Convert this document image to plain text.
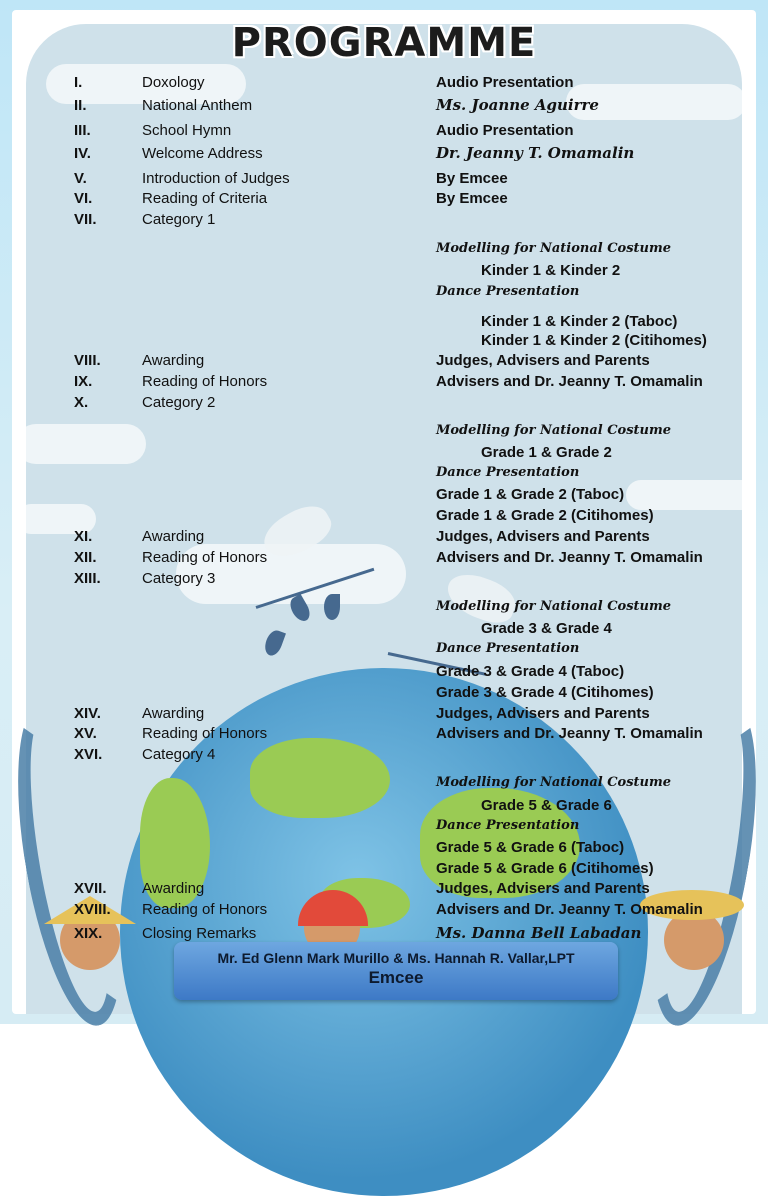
PROGRAMME
I.	Doxology	Audio Presentation
II.	National Anthem	Ms. Joanne Aguirre
III.	School Hymn	Audio Presentation
IV.	Welcome Address	Dr. Jeanny T. Omamalin
V.	Introduction of Judges	By Emcee
VI.	Reading of Criteria	By Emcee
VII.	Category 1
Modelling for National Costume
Kinder 1 & Kinder 2
Dance Presentation
Kinder 1 & Kinder 2 (Taboc)
Kinder 1 & Kinder 2 (Citihomes)
VIII.	Awarding	Judges, Advisers and Parents
IX.	Reading of Honors	Advisers and Dr. Jeanny T. Omamalin
X.	Category 2
Modelling for National Costume
Grade 1 & Grade 2
Dance Presentation
Grade 1 & Grade 2 (Taboc)
Grade 1 & Grade 2 (Citihomes)
XI.	Awarding	Judges, Advisers and Parents
XII.	Reading of Honors	Advisers and Dr. Jeanny T. Omamalin
XIII.	Category 3
Modelling for National Costume
Grade 3 & Grade 4
Dance Presentation
Grade 3 & Grade 4 (Taboc)
Grade 3 & Grade 4 (Citihomes)
XIV.	Awarding	Judges, Advisers and Parents
XV.	Reading of Honors	Advisers and Dr. Jeanny T. Omamalin
XVI.	Category 4
Modelling for National Costume
Grade 5 & Grade 6
Dance Presentation
Grade 5 & Grade 6 (Taboc)
Grade 5 & Grade 6 (Citihomes)
XVII. Awarding	Judges, Advisers and Parents
XVIII. Reading of Honors	Advisers and Dr. Jeanny T. Omamalin
XIX.	Closing Remarks	Ms. Danna Bell Labadan
Mr. Ed Glenn Mark Murillo & Ms. Hannah R. Vallar,LPT
Emcee
